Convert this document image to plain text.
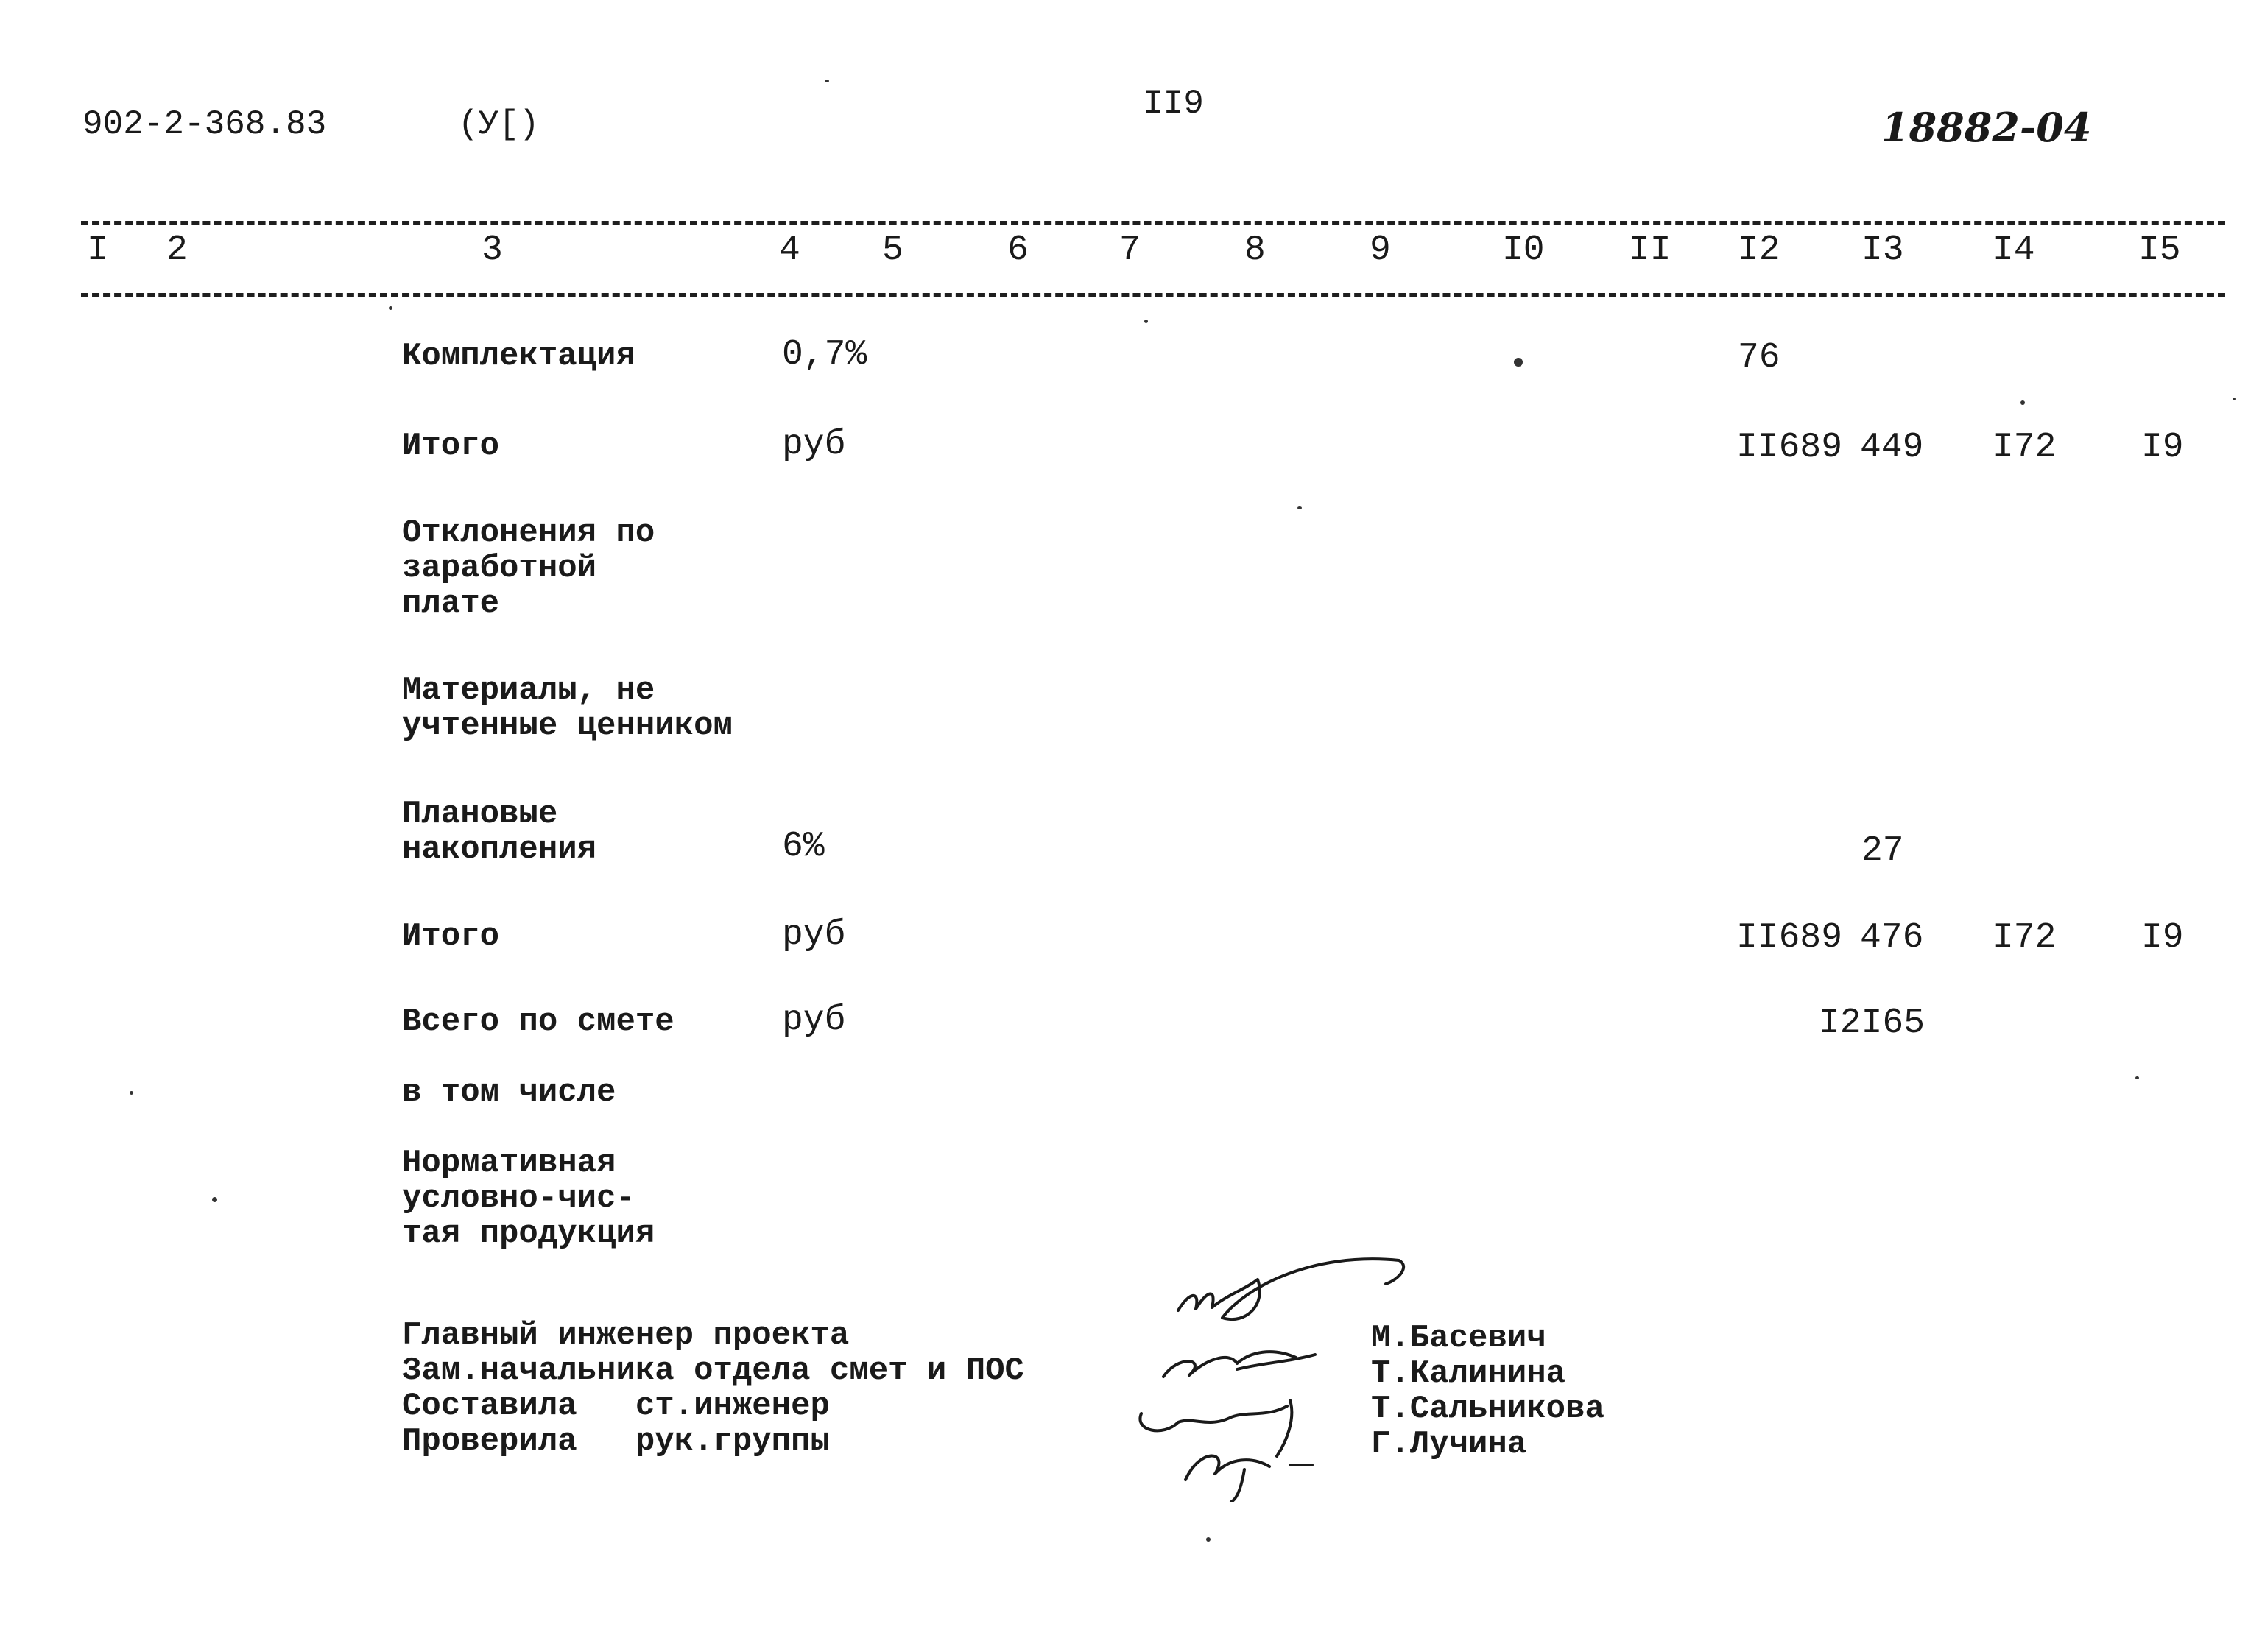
902-2-368.83	(У[)
II9	18882-04
I 2	3	4 5	6	7	8	9	I0 II I2 I3	I4	I5
Комплектация	0,7%	76
Итого	руб	II689 449 I72 I9
Отклонения по
заработной
плате
Материалы, не
учтенные ценником
Плановые
накопления	6%	27
Итого	руб	II689 476 I72 I9
Всего по смете	руб	I2I65
в том числе
Нормативная
условно-чис-
тая продукция
Главный инженер проекта
Зам.начальника отдела смет и ПОС
Составила   ст.инженер
Проверила   рук.группы
М.Басевич
Т.Калинина
Т.Сальникова
Г.Лучина
